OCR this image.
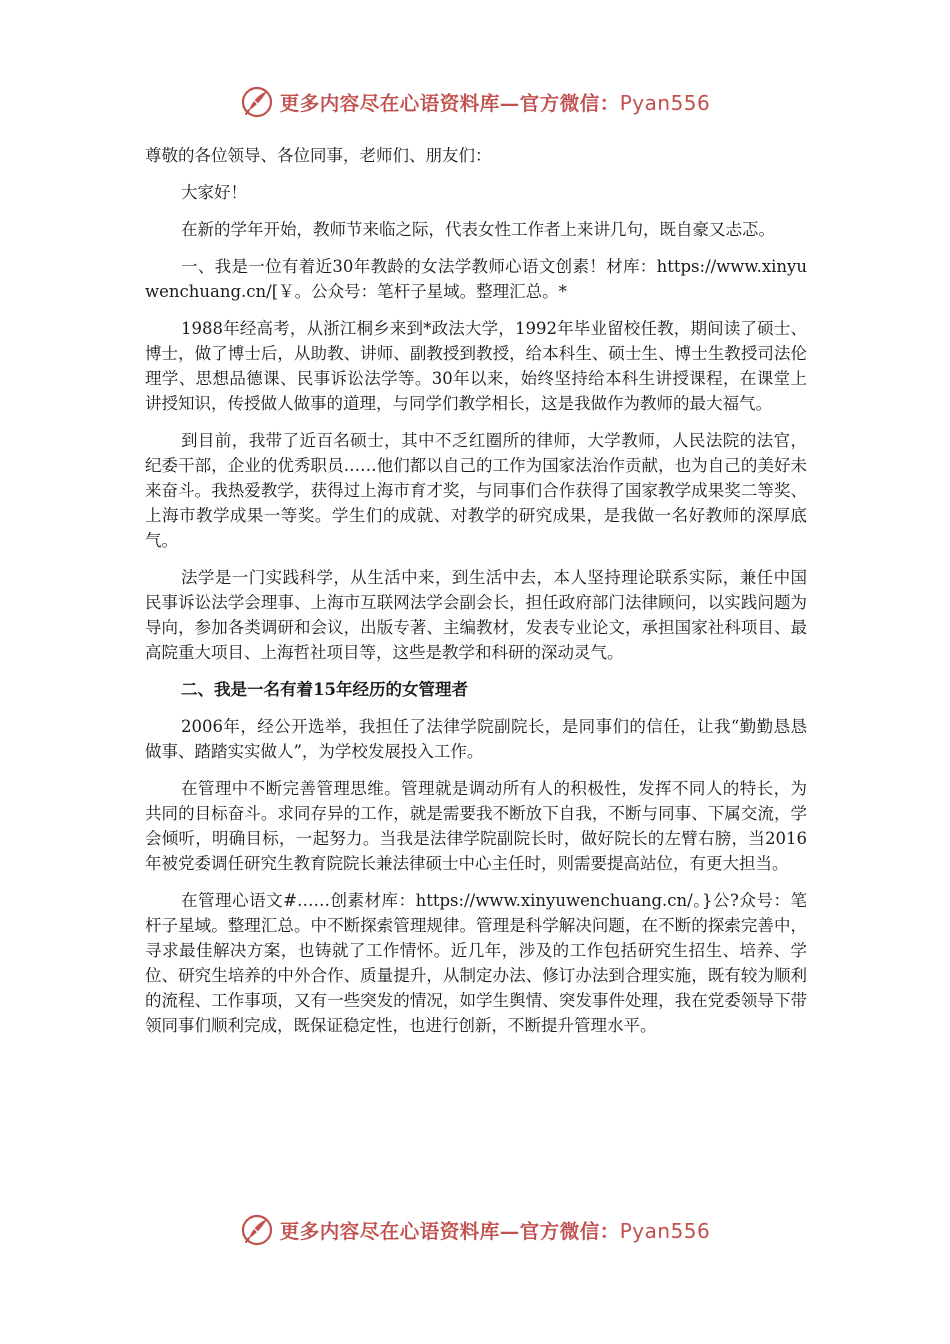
更多内容尽在心语资料库—官方微信：Pyan556

尊敬的各位领导、各位同事，老师们、朋友们：

大家好！

在新的学年开始，教师节来临之际，代表女性工作者上来讲几句，既自豪又忐忑。

一、我是一位有着近30年教龄的女法学教师心语文创素！材库：https://www.xinyuwenchuang.cn/[￥。公众号：笔杆子星域。整理汇总。*

1988年经高考，从浙江桐乡来到*政法大学，1992年毕业留校任教，期间读了硕士、博士，做了博士后，从助教、讲师、副教授到教授，给本科生、硕士生、博士生教授司法伦理学、思想品德课、民事诉讼法学等。30年以来，始终坚持给本科生讲授课程，在课堂上讲授知识，传授做人做事的道理，与同学们教学相长，这是我做作为教师的最大福气。

到目前，我带了近百名硕士，其中不乏红圈所的律师，大学教师，人民法院的法官，纪委干部，企业的优秀职员……他们都以自己的工作为国家法治作贡献，也为自己的美好未来奋斗。我热爱教学，获得过上海市育才奖，与同事们合作获得了国家教学成果奖二等奖、上海市教学成果一等奖。学生们的成就、对教学的研究成果，是我做一名好教师的深厚底气。

法学是一门实践科学，从生活中来，到生活中去，本人坚持理论联系实际，兼任中国民事诉讼法学会理事、上海市互联网法学会副会长，担任政府部门法律顾问，以实践问题为导向，参加各类调研和会议，出版专著、主编教材，发表专业论文，承担国家社科项目、最高院重大项目、上海哲社项目等，这些是教学和科研的深动灵气。

二、我是一名有着15年经历的女管理者

2006年，经公开选举，我担任了法律学院副院长，是同事们的信任，让我“勤勤恳恳做事、踏踏实实做人”，为学校发展投入工作。

在管理中不断完善管理思维。管理就是调动所有人的积极性，发挥不同人的特长，为共同的目标奋斗。求同存异的工作，就是需要我不断放下自我，不断与同事、下属交流，学会倾听，明确目标，一起努力。当我是法律学院副院长时，做好院长的左臂右膀，当2016年被党委调任研究生教育院院长兼法律硕士中心主任时，则需要提高站位，有更大担当。

在管理心语文#……创素材库：https://www.xinyuwenchuang.cn/。}公?众号：笔杆子星域。整理汇总。中不断探索管理规律。管理是科学解决问题，在不断的探索完善中，寻求最佳解决方案，也铸就了工作情怀。近几年，涉及的工作包括研究生招生、培养、学位、研究生培养的中外合作、质量提升，从制定办法、修订办法到合理实施，既有较为顺利的流程、工作事项，又有一些突发的情况，如学生舆情、突发事件处理，我在党委领导下带领同事们顺利完成，既保证稳定性，也进行创新，不断提升管理水平。

更多内容尽在心语资料库—官方微信：Pyan556
